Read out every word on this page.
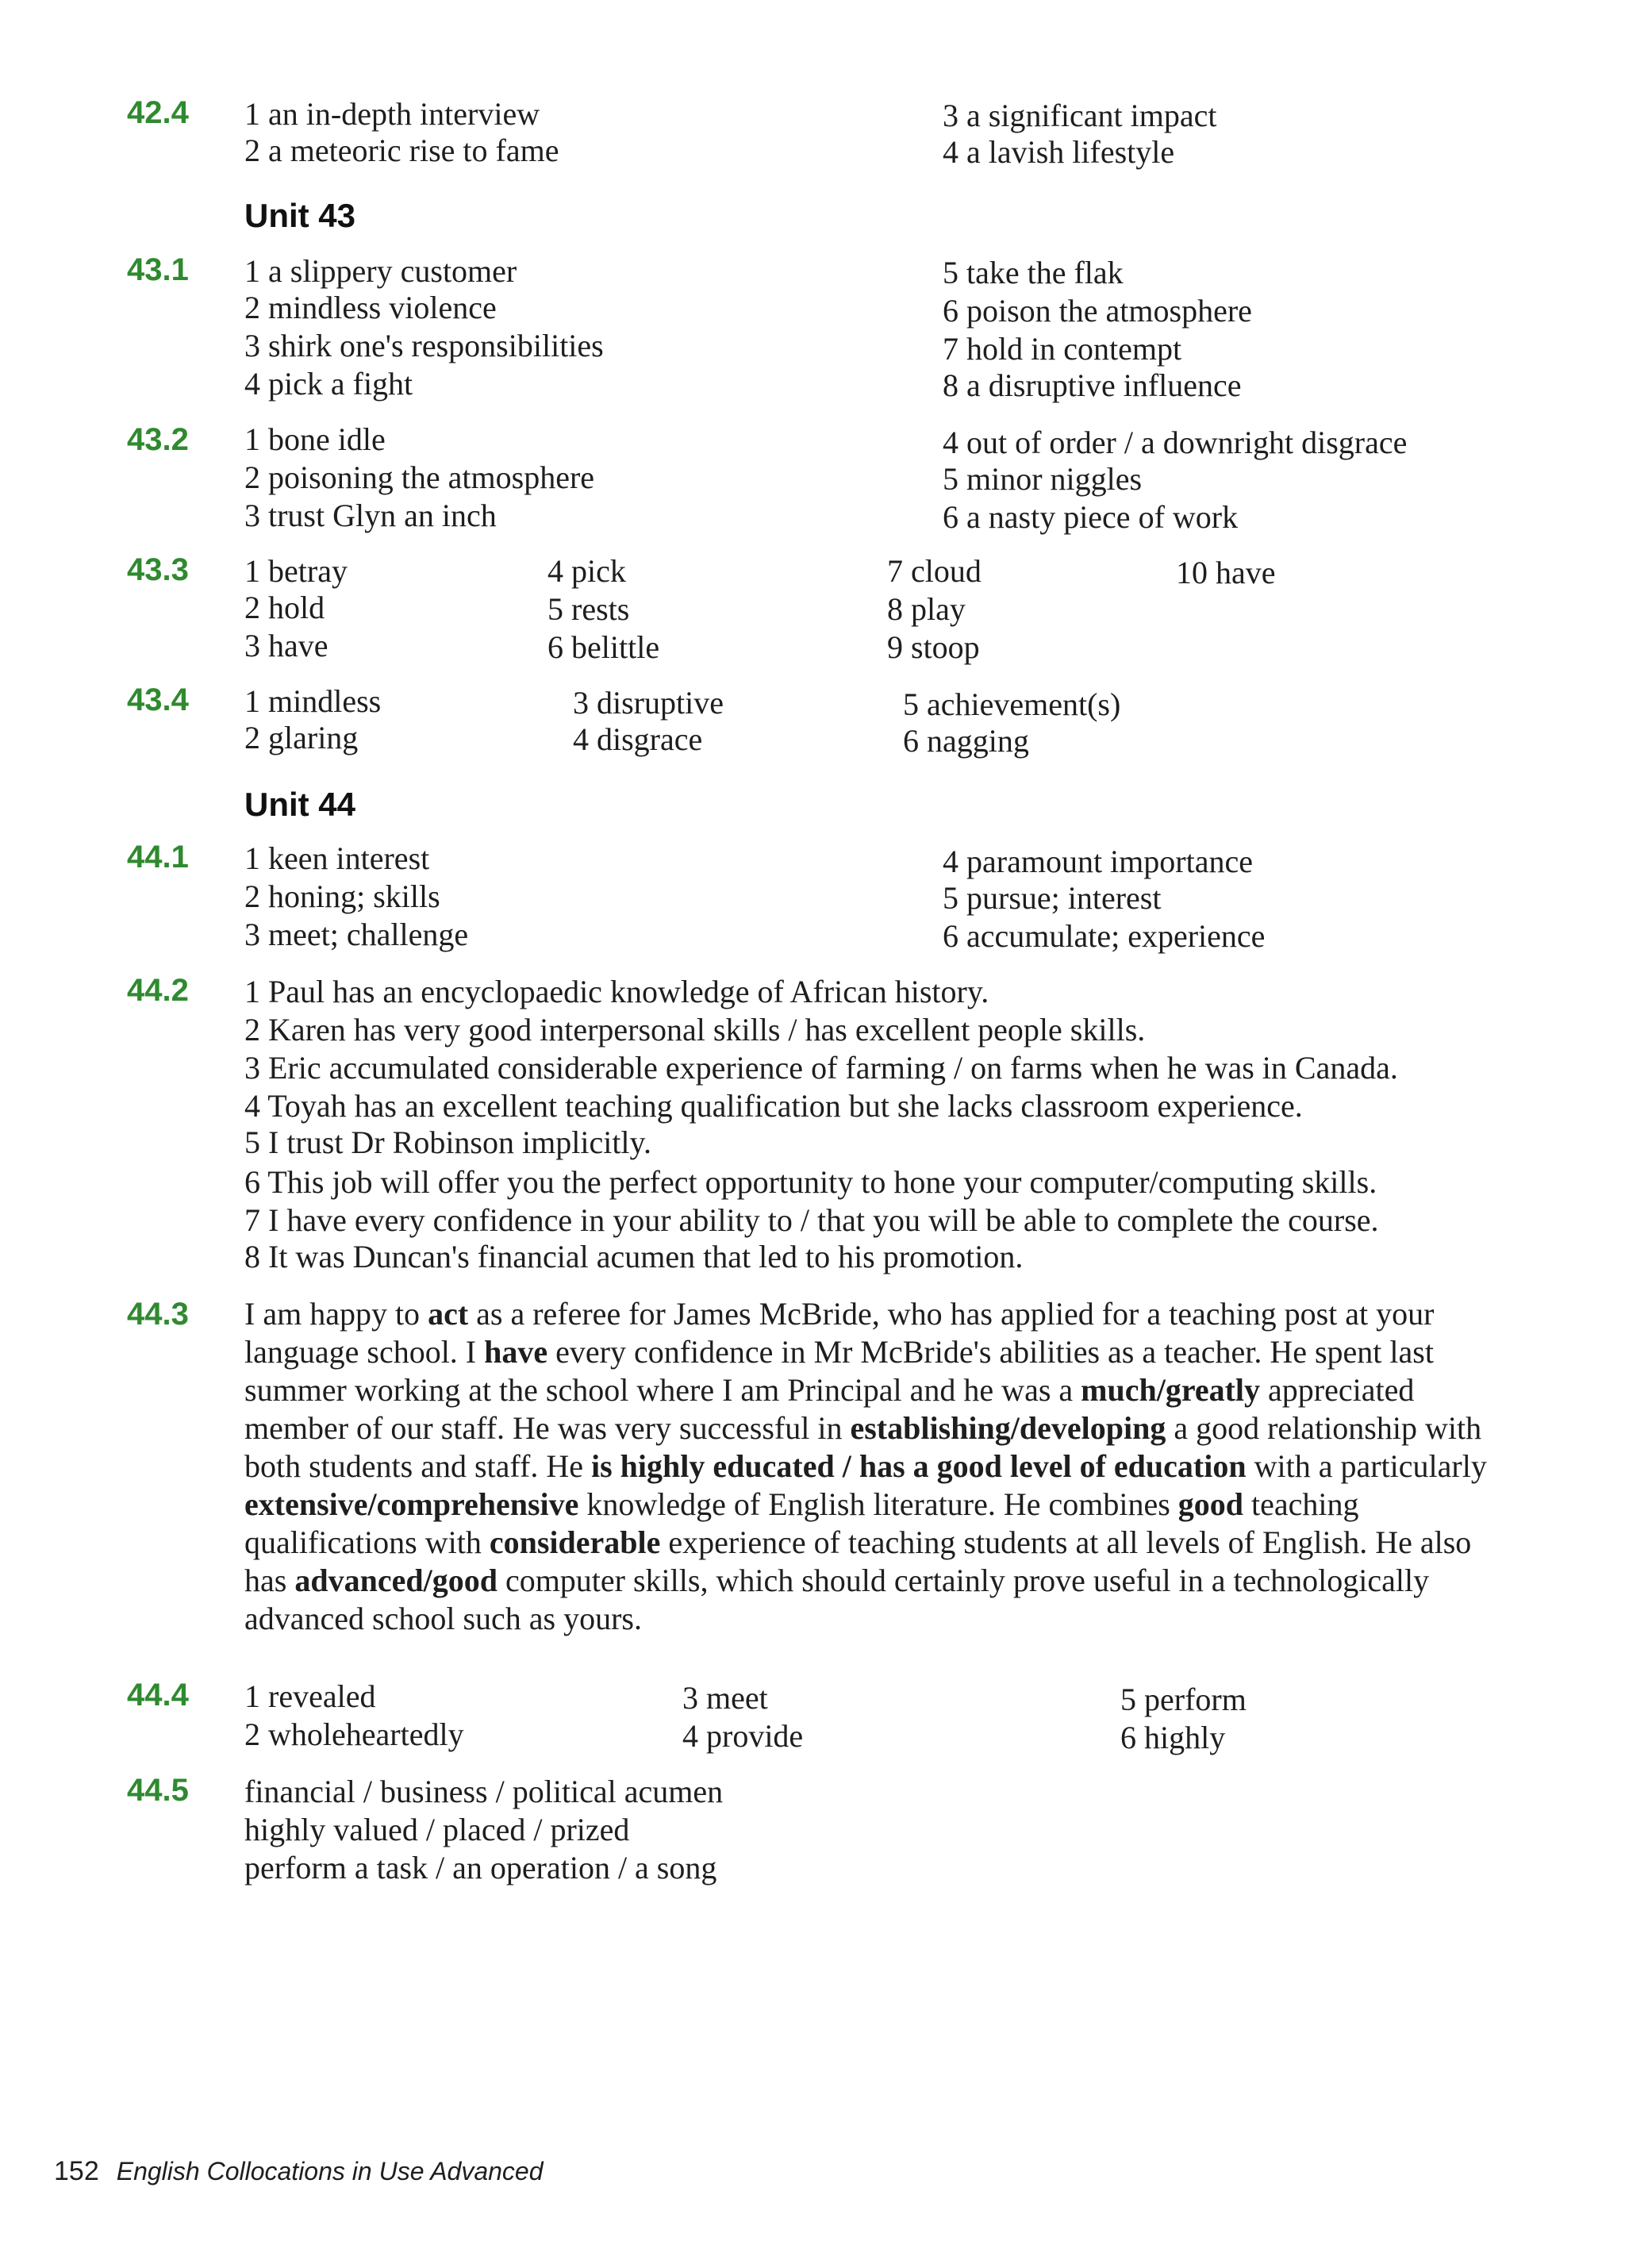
42.4
Unit 43
43.1
43.2
43.3
43.4
Unit 44
44.1
44.2
44.3
44.4
44.5
1 an in-depth interview
2 a meteoric rise to fame
3 a significant impact
4 a lavish lifestyle
1 a slippery customer
2 mindless violence
3 shirk one's responsibilities
4 pick a fight
5 take the flak
6 poison the atmosphere
7 hold in contempt
8 a disruptive influence
1 bone idle
2 poisoning the atmosphere
3 trust Glyn an inch
4 out of order / a downright disgrace
5 minor niggles
6 a nasty piece of work
1 betray
2 hold
3 have
4 pick
5 rests
6 belittle
7 cloud
8 play
9 stoop
10 have
1 mindless
2 glaring
3 disruptive
4 disgrace
5 achievement(s)
6 nagging
1 keen interest
2 honing; skills
3 meet; challenge
4 paramount importance
5 pursue; interest
6 accumulate; experience
1 Paul has an encyclopaedic knowledge of African history.
2 Karen has very good interpersonal skills / has excellent people skills.
3 Eric accumulated considerable experience of farming / on farms when he was in Canada.
4 Toyah has an excellent teaching qualification but she lacks classroom experience.
5 I trust Dr Robinson implicitly.
6 This job will offer you the perfect opportunity to hone your computer/computing skills.
7 I have every confidence in your ability to / that you will be able to complete the course.
8 It was Duncan's financial acumen that led to his promotion.
1 revealed
2 wholeheartedly
3 meet
4 provide
5 perform
6 highly
financial / business / political acumen
highly valued / placed / prized
perform a task / an operation / a song
I am happy to act as a referee for James McBride, who has applied for a teaching post at your language school. I have every confidence in Mr McBride's abilities as a teacher. He spent last summer working at the school where I am Principal and he was a much/greatly appreciated member of our staff. He was very successful in establishing/developing a good relationship with both students and staff. He is highly educated / has a good level of education with a particularly extensive/comprehensive knowledge of English literature. He combines good teaching qualifications with considerable experience of teaching students at all levels of English. He also has advanced/good computer skills, which should certainly prove useful in a technologically advanced school such as yours.
152 English Collocations in Use Advanced
